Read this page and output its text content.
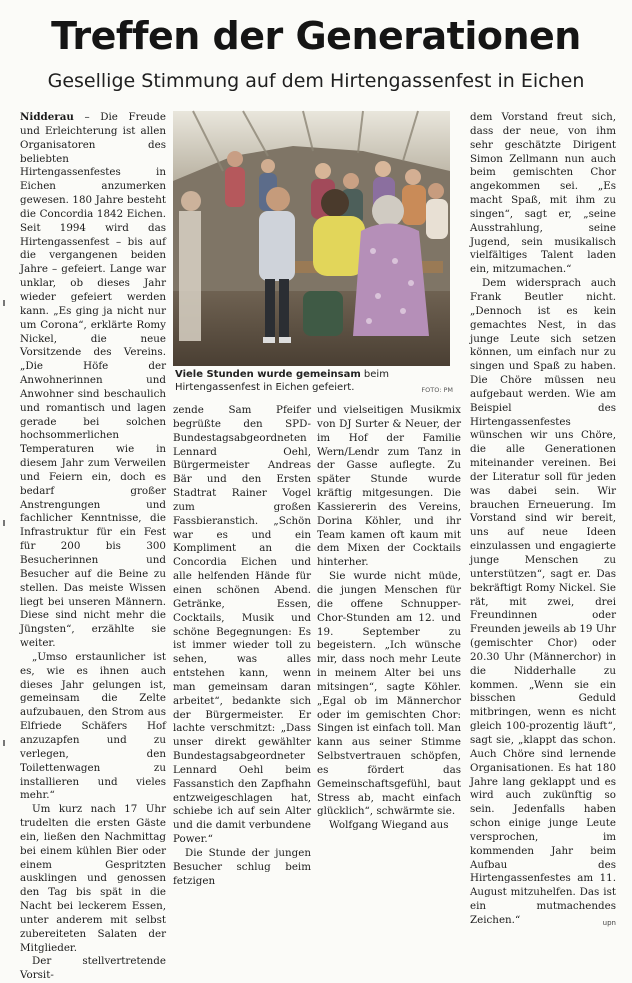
Treffen der Generationen
Gesellige Stimmung auf dem Hirtengassenfest in Eichen

Nidderau – Die Freude und Erleichterung ist allen Organisatoren des beliebten Hirtengassenfestes in Eichen anzumerken gewesen. 180 Jahre besteht die Concordia 1842 Eichen. Seit 1994 wird das Hirtengassenfest – bis auf die vergangenen beiden Jahre – gefeiert. Lange war unklar, ob dieses Jahr wieder gefeiert werden kann. „Es ging ja nicht nur um Corona“, erklärte Romy Nickel, die neue Vorsitzende des Vereins. „Die Höfe der Anwohnerinnen und Anwohner sind beschaulich und romantisch und lagen gerade bei solchen hochsommerlichen Temperaturen wie in diesem Jahr zum Verweilen und Feiern ein, doch es bedarf großer Anstrengungen und fachlicher Kenntnisse, die Infrastruktur für ein Fest für 200 bis 300 Besucherinnen und Besucher auf die Beine zu stellen. Das meiste Wissen liegt bei unseren Männern. Diese sind nicht mehr die Jüngsten“, erzählte sie weiter.

„Umso erstaunlicher ist es, wie es ihnen auch dieses Jahr gelungen ist, gemeinsam die Zelte aufzubauen, den Strom aus Elfriede Schäfers Hof anzuzapfen und zu verlegen, den Toilettenwagen zu installieren und vieles mehr.“

Um kurz nach 17 Uhr trudelten die ersten Gäste ein, ließen den Nachmittag bei einem kühlen Bier oder einem Gespritzten ausklingen und genossen den Tag bis spät in die Nacht bei leckerem Essen, unter anderem mit selbst zubereiteten Salaten der Mitglieder.

Der stellvertretende Vorsit-

Viele Stunden wurde gemeinsam beim Hirtengassenfest in Eichen gefeiert.	FOTO: PM

zende Sam Pfeifer begrüßte den SPD-Bundestagsabgeordneten Lennard Oehl, Bürgermeister Andreas Bär und den Ersten Stadtrat Rainer Vogel zum großen Fassbieranstich. „Schön war es und ein Kompliment an die Concordia Eichen und alle helfenden Hände für einen schönen Abend. Getränke, Essen, Cocktails, Musik und schöne Begegnungen: Es ist immer wieder toll zu sehen, was alles entstehen kann, wenn man gemeinsam daran arbeitet“, bedankte sich der Bürgermeister. Er lachte verschmitzt: „Dass unser direkt gewählter Bundestagsabgeordneter Lennard Oehl beim Fassanstich den Zapfhahn entzweigeschlagen hat, schiebe ich auf sein Alter und die damit verbundene Power.“

Die Stunde der jungen Besucher schlug beim fetzigen

und vielseitigen Musikmix von DJ Surter & Neuer, der im Hof der Familie Wern/Lendr zum Tanz in der Gasse auflegte. Zu später Stunde wurde kräftig mitgesungen. Die Kassiererin des Vereins, Dorina Köhler, und ihr Team kamen oft kaum mit dem Mixen der Cocktails hinterher.

Sie wurde nicht müde, die jungen Menschen für die offene Schnupper-Chor-Stunden am 12. und 19. September zu begeistern. „Ich wünsche mir, dass noch mehr Leute in meinem Alter bei uns mitsingen“, sagte Köhler. „Egal ob im Männerchor oder im gemischten Chor: Singen ist einfach toll. Man kann aus seiner Stimme Selbstvertrauen schöpfen, es fördert das Gemeinschaftsgefühl, baut Stress ab, macht einfach glücklich“, schwärmte sie.

Wolfgang Wiegand aus

dem Vorstand freut sich, dass der neue, von ihm sehr geschätzte Dirigent Simon Zellmann nun auch beim gemischten Chor angekommen sei. „Es macht Spaß, mit ihm zu singen“, sagt er, „seine Ausstrahlung, seine Jugend, sein musikalisch vielfältiges Talent laden ein, mitzumachen.“

Dem widersprach auch Frank Beutler nicht. „Dennoch ist es kein gemachtes Nest, in das junge Leute sich setzen können, um einfach nur zu singen und Spaß zu haben. Die Chöre müssen neu aufgebaut werden. Wie am Beispiel des Hirtengassenfestes wünschen wir uns Chöre, die alle Generationen miteinander vereinen. Bei der Literatur soll für jeden was dabei sein. Wir brauchen Erneuerung. Im Vorstand sind wir bereit, uns auf neue Ideen einzulassen und engagierte junge Menschen zu unterstützen“, sagt er. Das bekräftigt Romy Nickel. Sie rät, mit zwei, drei Freundinnen oder Freunden jeweils ab 19 Uhr (gemischter Chor) oder 20.30 Uhr (Männerchor) in die Nidderhalle zu kommen. „Wenn sie ein bisschen Geduld mitbringen, wenn es nicht gleich 100-prozentig läuft“, sagt sie, „klappt das schon. Auch Chöre sind lernende Organisationen. Es hat 180 Jahre lang geklappt und es wird auch zukünftig so sein. Jedenfalls haben schon einige junge Leute versprochen, im kommenden Jahr beim Aufbau des Hirtengassenfestes am 11. August mitzuhelfen. Das ist ein mutmachendes Zeichen.“	upn
